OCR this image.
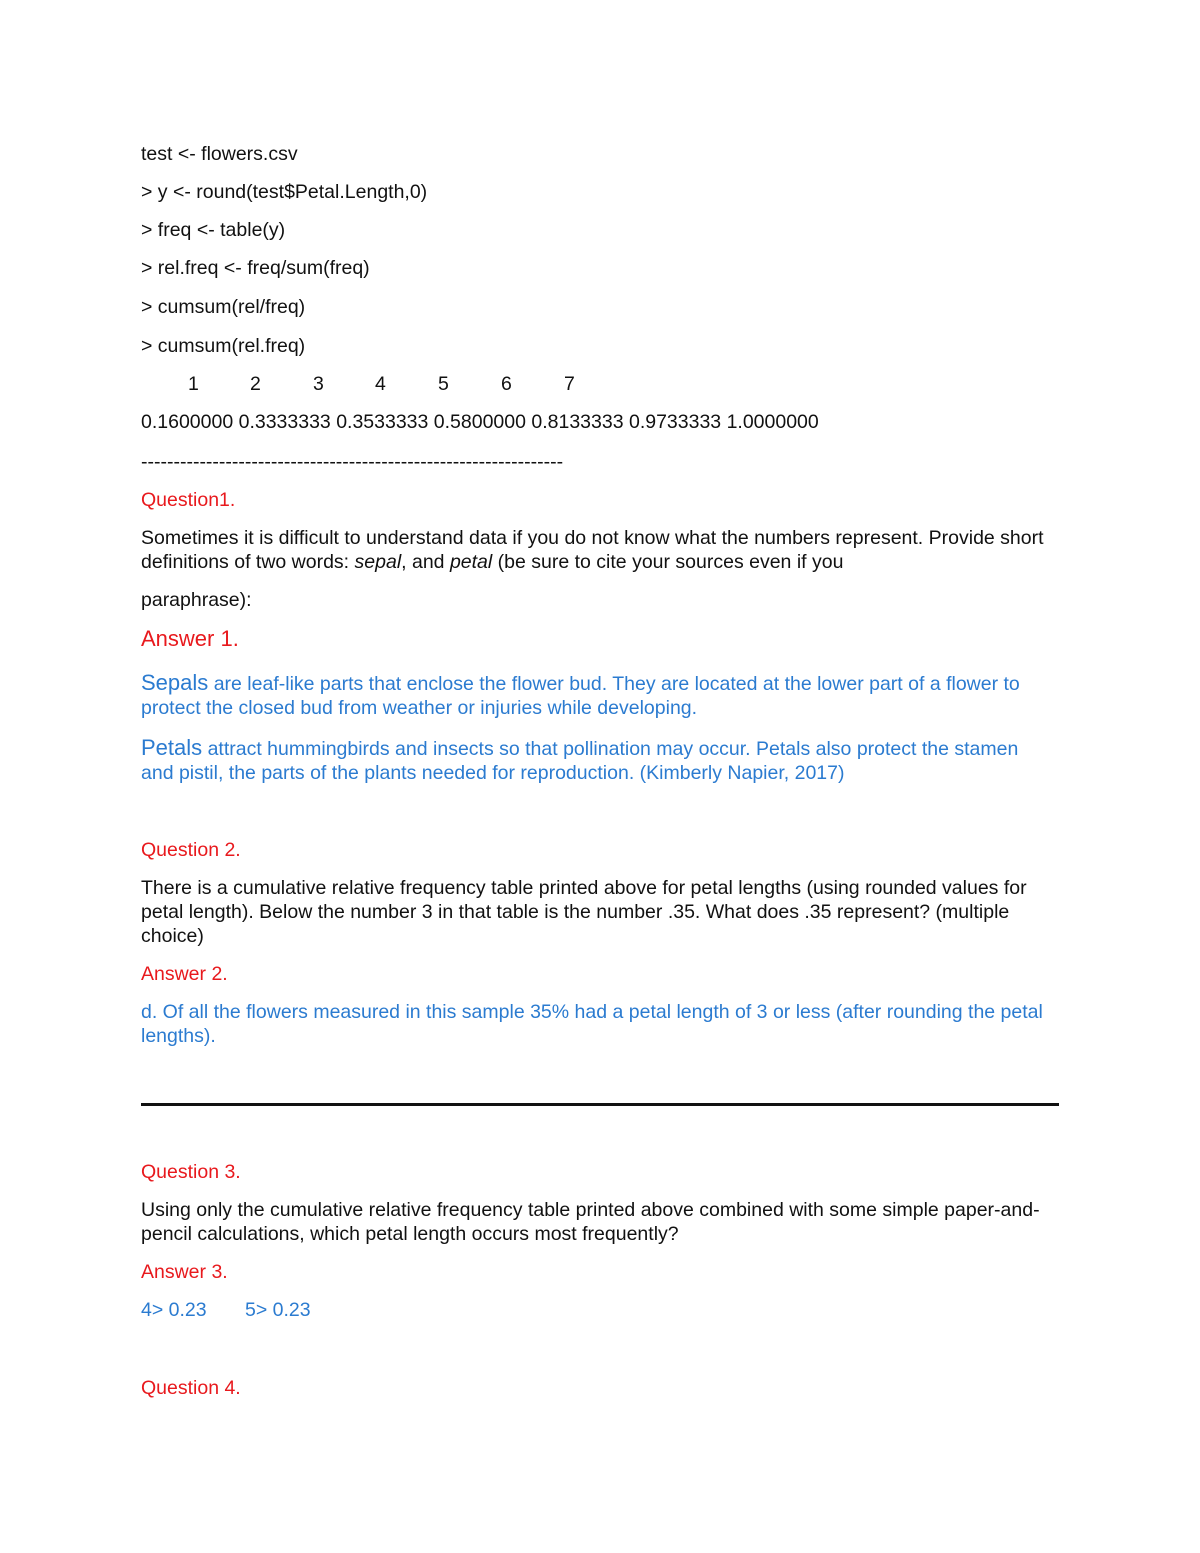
test <- flowers.csv
> y <- round(test$Petal.Length,0)
> freq <- table(y)
> rel.freq <- freq/sum(freq)
> cumsum(rel/freq)
> cumsum(rel.freq)
1	2	3	4	5	6	7
0.1600000 0.3333333 0.3533333 0.5800000 0.8133333 0.9733333 1.0000000
-----------------------------------------------------------------
Question1.
Sometimes it is difficult to understand data if you do not know what the numbers represent. Provide short definitions of two words: sepal, and petal (be sure to cite your sources even if you
paraphrase):
Answer 1.
Sepals are leaf-like parts that enclose the flower bud. They are located at the lower part of a flower to protect the closed bud from weather or injuries while developing.
Petals attract hummingbirds and insects so that pollination may occur. Petals also protect the stamen and pistil, the parts of the plants needed for reproduction. (Kimberly Napier, 2017)
Question 2.
There is a cumulative relative frequency table printed above for petal lengths (using rounded values for petal length). Below the number 3 in that table is the number .35. What does .35 represent? (multiple choice)
Answer 2.
d. Of all the flowers measured in this sample 35% had a petal length of 3 or less (after rounding the petal lengths).
Question 3.
Using only the cumulative relative frequency table printed above combined with some simple paper-and-pencil calculations, which petal length occurs most frequently?
Answer 3.
4> 0.23 5> 0.23
Question 4.
